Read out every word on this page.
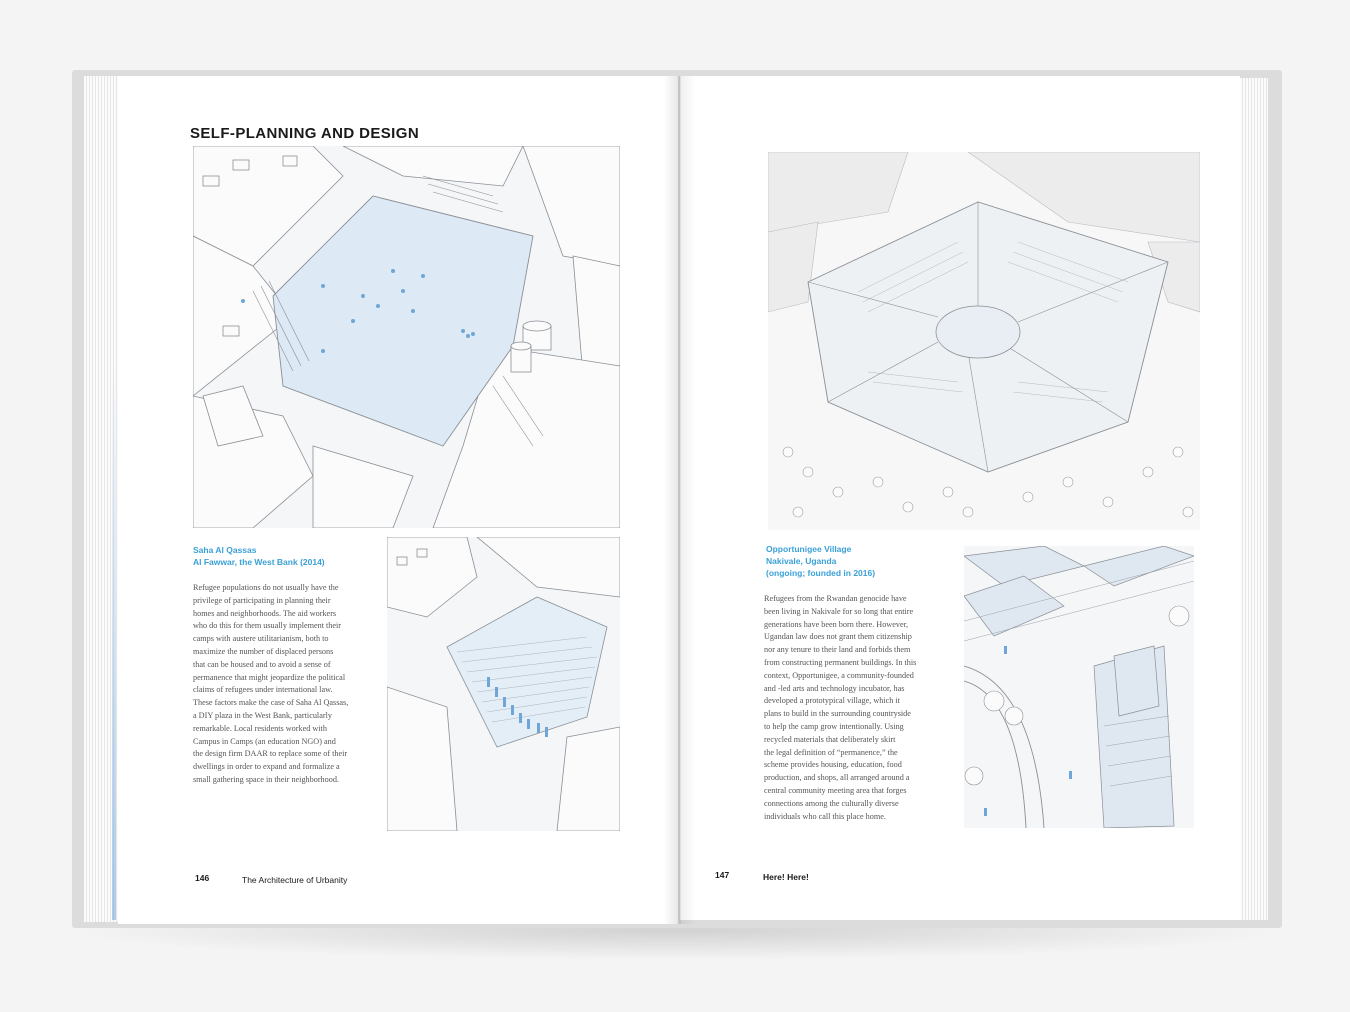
SELF-PLANNING AND DESIGN
Saha Al Qassas
Al Fawwar, the West Bank (2014)

Refugee populations do not usually have the

privilege of participating in planning their

homes and neighborhoods. The aid workers

who do this for them usually implement their

camps with austere utilitarianism, both to

maximize the number of displaced persons

that can be housed and to avoid a sense of

permanence that might jeopardize the political

claims of refugees under international law.

These factors make the case of Saha Al Qassas,

a DIY plaza in the West Bank, particularly

remarkable. Local residents worked with

Campus in Camps (an education NGO) and

the design firm DAAR to replace some of their

dwellings in order to expand and formalize a

small gathering space in their neighborhood.

146	The Architecture of Urbanity
Opportunigee Village
Nakivale, Uganda
(ongoing; founded in 2016)

Refugees from the Rwandan genocide have

been living in Nakivale for so long that entire

generations have been born there. However,

Ugandan law does not grant them citizenship

nor any tenure to their land and forbids them

from constructing permanent buildings. In this

context, Opportunigee, a community-founded

and -led arts and technology incubator, has

developed a prototypical village, which it

plans to build in the surrounding countryside

to help the camp grow intentionally. Using

recycled materials that deliberately skirt

the legal definition of “permanence,” the

scheme provides housing, education, food

production, and shops, all arranged around a

central community meeting area that forges

connections among the culturally diverse

individuals who call this place home.

147	Here! Here!
